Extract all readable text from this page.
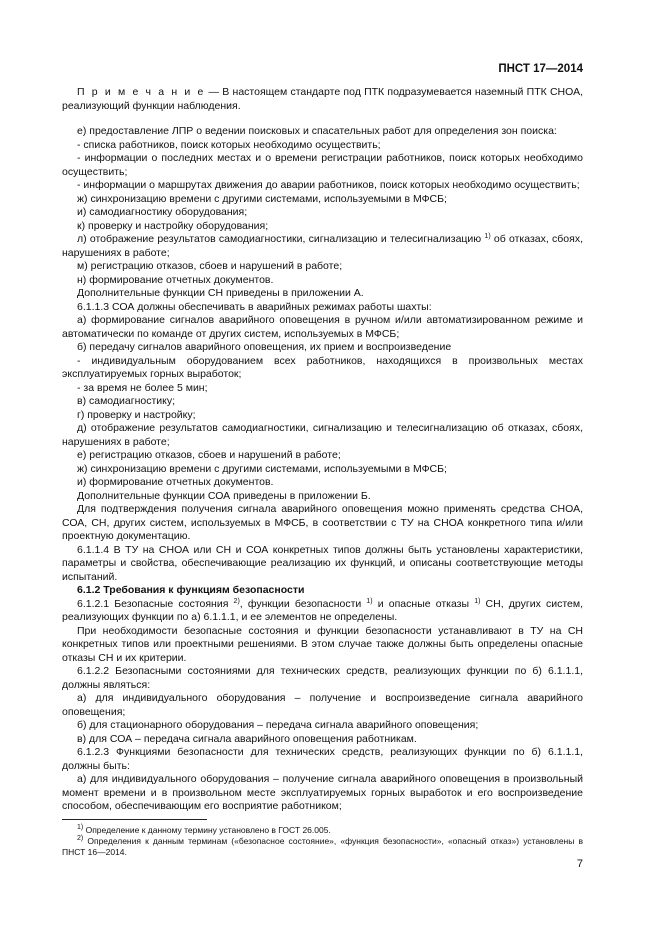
ПНСТ 17—2014

П р и м е ч а н и е — В настоящем стандарте под ПТК подразумевается наземный ПТК СНОА, реализующий функции наблюдения.

е) предоставление ЛПР о ведении поисковых и спасательных работ для определения зон поиска:

- списка работников, поиск которых необходимо осуществить;

- информации о последних местах и о времени регистрации работников, поиск которых необходимо осуществить;

- информации о маршрутах движения до аварии работников, поиск которых необходимо осуществить;

ж) синхронизацию времени с другими системами, используемыми в МФСБ;

и) самодиагностику оборудования;

к) проверку и настройку оборудования;

л) отображение результатов самодиагностики, сигнализацию и телесигнализацию $^{1)}$ об отказах, сбоях, нарушениях в работе;

м) регистрацию отказов, сбоев и нарушений в работе;

н) формирование отчетных документов.

Дополнительные функции СН приведены в приложении А.

6.1.1.3 СОА должны обеспечивать в аварийных режимах работы шахты:

а) формирование сигналов аварийного оповещения в ручном и/или автоматизированном режиме и автоматически по команде от других систем, используемых в МФСБ;

б) передачу сигналов аварийного оповещения, их прием и воспроизведение

- индивидуальным оборудованием всех работников, находящихся в произвольных местах эксплуатируемых горных выработок;

- за время не более 5 мин;

в) самодиагностику;

г) проверку и настройку;

д) отображение результатов самодиагностики, сигнализацию и телесигнализацию об отказах, сбоях, нарушениях в работе;

е) регистрацию отказов, сбоев и нарушений в работе;

ж) синхронизацию времени с другими системами, используемыми в МФСБ;

и) формирование отчетных документов.

Дополнительные функции СОА приведены в приложении Б.

Для подтверждения получения сигнала аварийного оповещения можно применять средства СНОА, СОА, СН, других систем, используемых в МФСБ, в соответствии с ТУ на СНОА конкретного типа и/или проектную документацию.

6.1.1.4 В ТУ на СНОА или СН и СОА конкретных типов должны быть установлены характеристики, параметры и свойства, обеспечивающие реализацию их функций, и описаны соответствующие методы испытаний.

6.1.2 Требования к функциям безопасности

6.1.2.1 Безопасные состояния $^{2)}$, функции безопасности $^{1)}$ и опасные отказы $^{1)}$ СН, других систем, реализующих функции по а) 6.1.1.1, и ее элементов не определены.

При необходимости безопасные состояния и функции безопасности устанавливают в ТУ на СН конкретных типов или проектными решениями. В этом случае также должны быть определены опасные отказы СН и их критерии.

6.1.2.2 Безопасными состояниями для технических средств, реализующих функции по б) 6.1.1.1, должны являться:

а) для индивидуального оборудования – получение и воспроизведение сигнала аварийного оповещения;

б) для стационарного оборудования – передача сигнала аварийного оповещения;

в) для СОА – передача сигнала аварийного оповещения работникам.

6.1.2.3 Функциями безопасности для технических средств, реализующих функции по б) 6.1.1.1, должны быть:

а) для индивидуального оборудования – получение сигнала аварийного оповещения в произвольный момент времени и в произвольном месте эксплуатируемых горных выработок и его воспроизведение способом, обеспечивающим его восприятие работником;

$^{1)}$ Определение к данному термину установлено в ГОСТ 26.005.

$^{2)}$ Определения к данным терминам («безопасное состояние», «функция безопасности», «опасный отказ») установлены в ПНСТ 16—2014.

7
